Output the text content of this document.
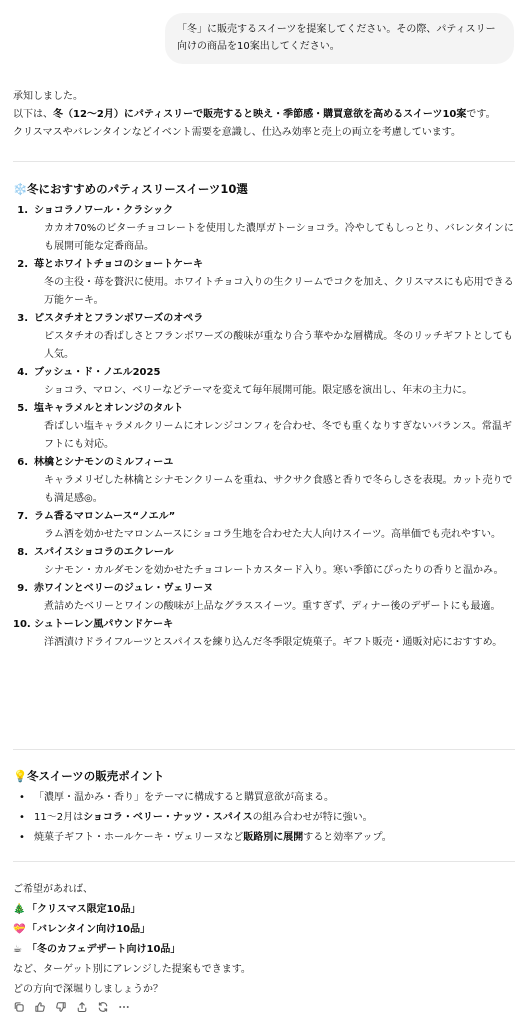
「冬」に販売するスイーツを提案してください。その際、パティスリー向けの商品を10案出してください。

承知しました。

以下は、冬（12〜2月）にパティスリーで販売すると映え・季節感・購買意欲を高めるスイーツ10案です。

クリスマスやバレンタインなどイベント需要を意識し、仕込み効率と売上の両立を考慮しています。

❄️冬におすすめのパティスリースイーツ10選
1. ショコラノワール・クラシック
カカオ70%のビターチョコレートを使用した濃厚ガトーショコラ。冷やしてもしっとり、バレンタインにも展開可能な定番商品。
2. 苺とホワイトチョコのショートケーキ
冬の主役・苺を贅沢に使用。ホワイトチョコ入りの生クリームでコクを加え、クリスマスにも応用できる万能ケーキ。
3. ピスタチオとフランボワーズのオペラ
ピスタチオの香ばしさとフランボワーズの酸味が重なり合う華やかな層構成。冬のリッチギフトとしても人気。
4. ブッシュ・ド・ノエル2025
ショコラ、マロン、ベリーなどテーマを変えて毎年展開可能。限定感を演出し、年末の主力に。
5. 塩キャラメルとオレンジのタルト
香ばしい塩キャラメルクリームにオレンジコンフィを合わせ、冬でも重くなりすぎないバランス。常温ギフトにも対応。
6. 林檎とシナモンのミルフィーユ
キャラメリゼした林檎とシナモンクリームを重ね、サクサク食感と香りで冬らしさを表現。カット売りでも満足感◎。
7. ラム香るマロンムース“ノエル”
ラム酒を効かせたマロンムースにショコラ生地を合わせた大人向けスイーツ。高単価でも売れやすい。
8. スパイスショコラのエクレール
シナモン・カルダモンを効かせたチョコレートカスタード入り。寒い季節にぴったりの香りと温かみ。
9. 赤ワインとベリーのジュレ・ヴェリーヌ
煮詰めたベリーとワインの酸味が上品なグラススイーツ。重すぎず、ディナー後のデザートにも最適。
10. シュトーレン風パウンドケーキ
洋酒漬けドライフルーツとスパイスを練り込んだ冬季限定焼菓子。ギフト販売・通販対応におすすめ。
💡冬スイーツの販売ポイント
• 「濃厚・温かみ・香り」をテーマに構成すると購買意欲が高まる。
• 11〜2月はショコラ・ベリー・ナッツ・スパイスの組み合わせが特に強い。
• 焼菓子ギフト・ホールケーキ・ヴェリーヌなど販路別に展開すると効率アップ。
ご希望があれば、
🎄 「クリスマス限定10品」
💝 「バレンタイン向け10品」
☕ 「冬のカフェデザート向け10品」
など、ターゲット別にアレンジした提案もできます。
どの方向で深堀りしましょうか？
